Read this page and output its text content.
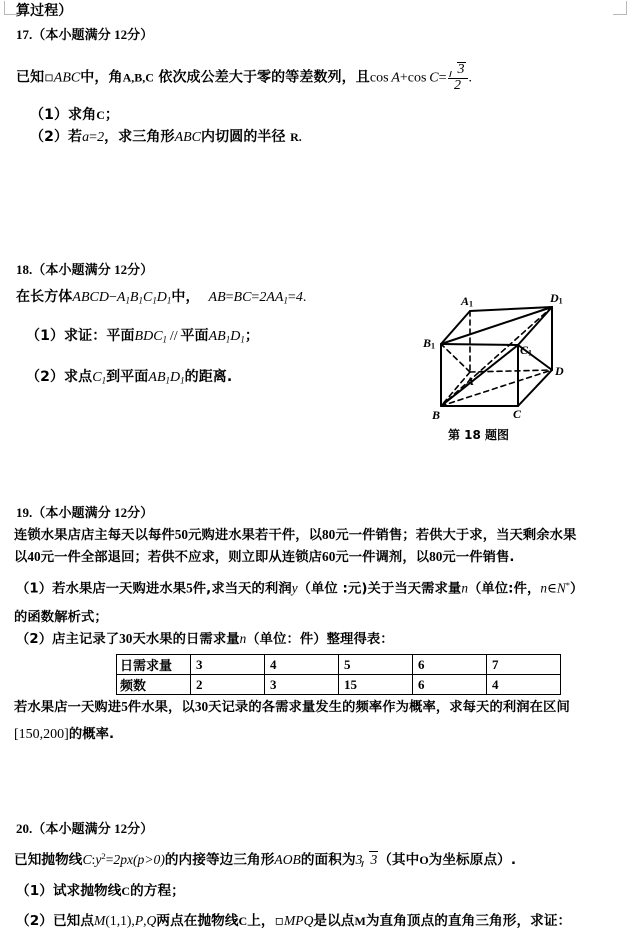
算过程）
17.（本小题满分 12分）
已知▫ABC中，角A,B,C 依次成公差大于零的等差数列，且cos  A+cos  $C= \frac{3}{2}$ .
（1）求角C；
（2）若a=2，求三角形ABC内切圆的半径 R.
18.（本小题满分 12分）
在长方体$ABCD-A_1B_1C_1D_1$中， $AB=BC=2AA_1=4$.
（1）求证：平面$BDC_1$  //  平面$AB_1D_1$；
（2）求点$C_1$到平面$AB_1D_1$的距离.
A1	D1
B1	C1
A
D
B	C
第 18 题图
19.（本小题满分 12分）
连锁水果店店主每天以每件50元购进水果若干件，以80元一件销售；若供大于求，当天剩余水果
以40元一件全部退回；若供不应求，则立即从连锁店60元一件调剂，以80元一件销售.
（1）若水果店一天购进水果5件,求当天的利润y（单位 :元)关于当天需求量n（单位:件，n∈N*）
的函数解析式；
（2）店主记录了30天水果的日需求量n（单位：件）整理得表：
日需求量	3	4	5	6	7
频数	2	3	15	6	4
若水果店一天购进5件水果，以30天记录的各需求量发生的频率作为概率，求每天的利润在区间
[150,200]的概率.
20.（本小题满分 12分）
已知抛物线$C:y^2=2px(p>0)$的内接等边三角形AOB的面积为3 3（其中O为坐标原点）.
（1）试求抛物线C的方程；
（2）已知点M(1,1),P,Q两点在抛物线C上，▫MPQ是以点M为直角顶点的直角三角形，求证：
